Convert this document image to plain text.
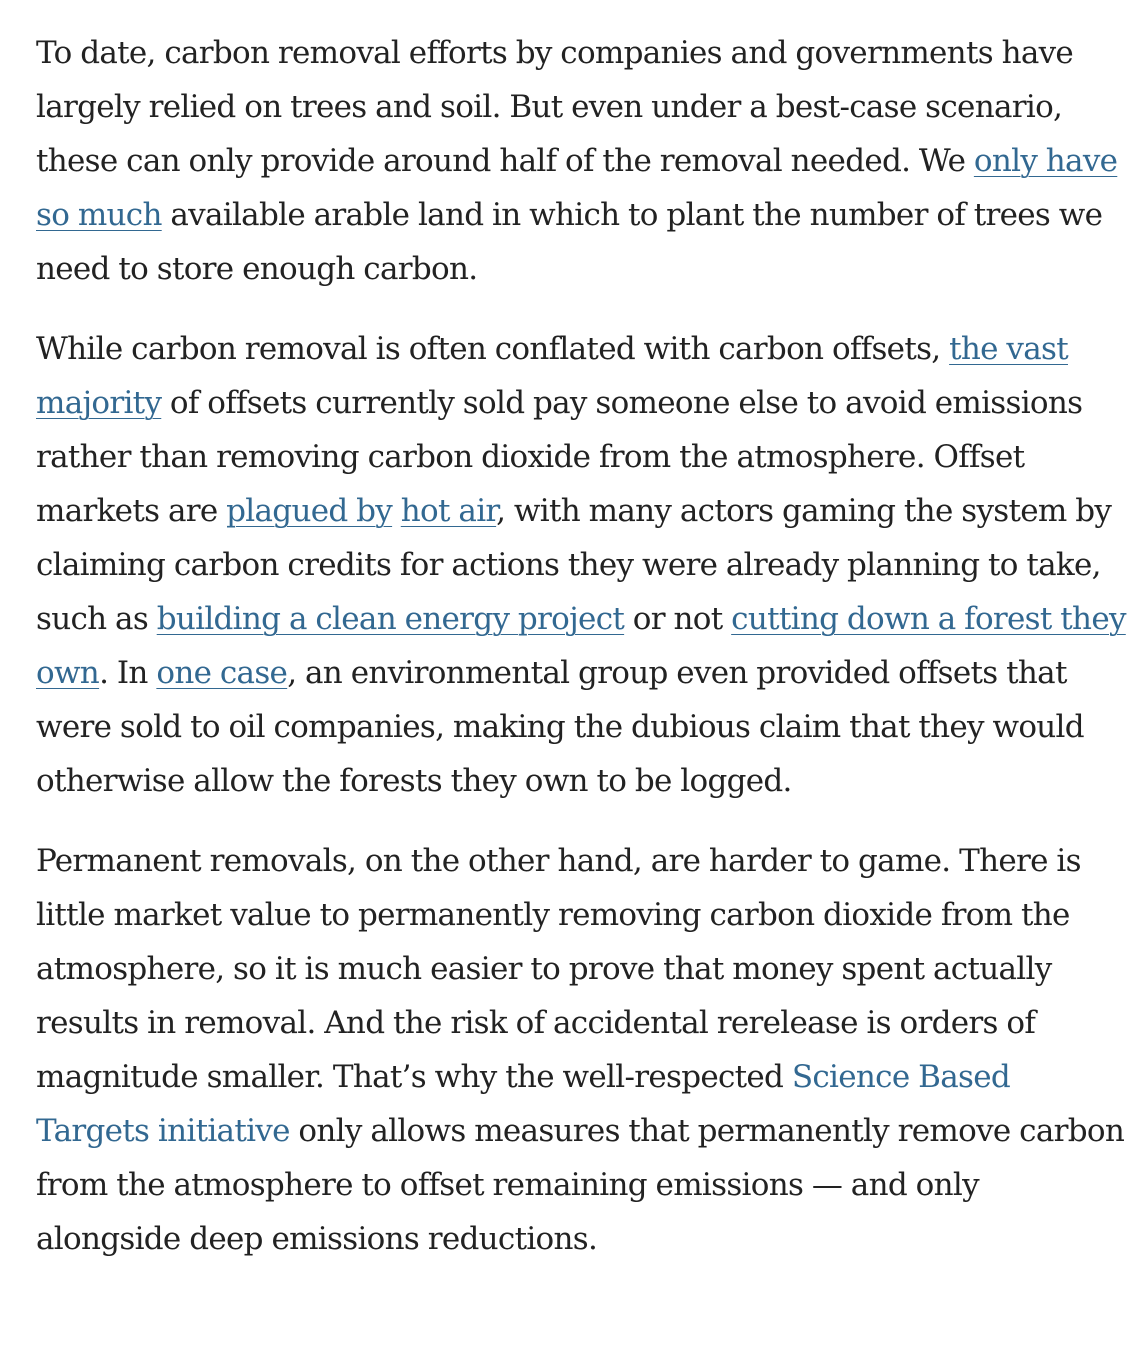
To date, carbon removal efforts by companies and governments have largely relied on trees and soil. But even under a best-case scenario, these can only provide around half of the removal needed. We only have so much available arable land in which to plant the number of trees we need to store enough carbon.

While carbon removal is often conflated with carbon offsets, the vast majority of offsets currently sold pay someone else to avoid emissions rather than removing carbon dioxide from the atmosphere. Offset markets are plagued by hot air, with many actors gaming the system by claiming carbon credits for actions they were already planning to take, such as building a clean energy project or not cutting down a forest they own. In one case, an environmental group even provided offsets that were sold to oil companies, making the dubious claim that they would otherwise allow the forests they own to be logged.

Permanent removals, on the other hand, are harder to game. There is little market value to permanently removing carbon dioxide from the atmosphere, so it is much easier to prove that money spent actually results in removal. And the risk of accidental rerelease is orders of magnitude smaller. That’s why the well-respected Science Based Targets initiative only allows measures that permanently remove carbon from the atmosphere to offset remaining emissions — and only alongside deep emissions reductions.
